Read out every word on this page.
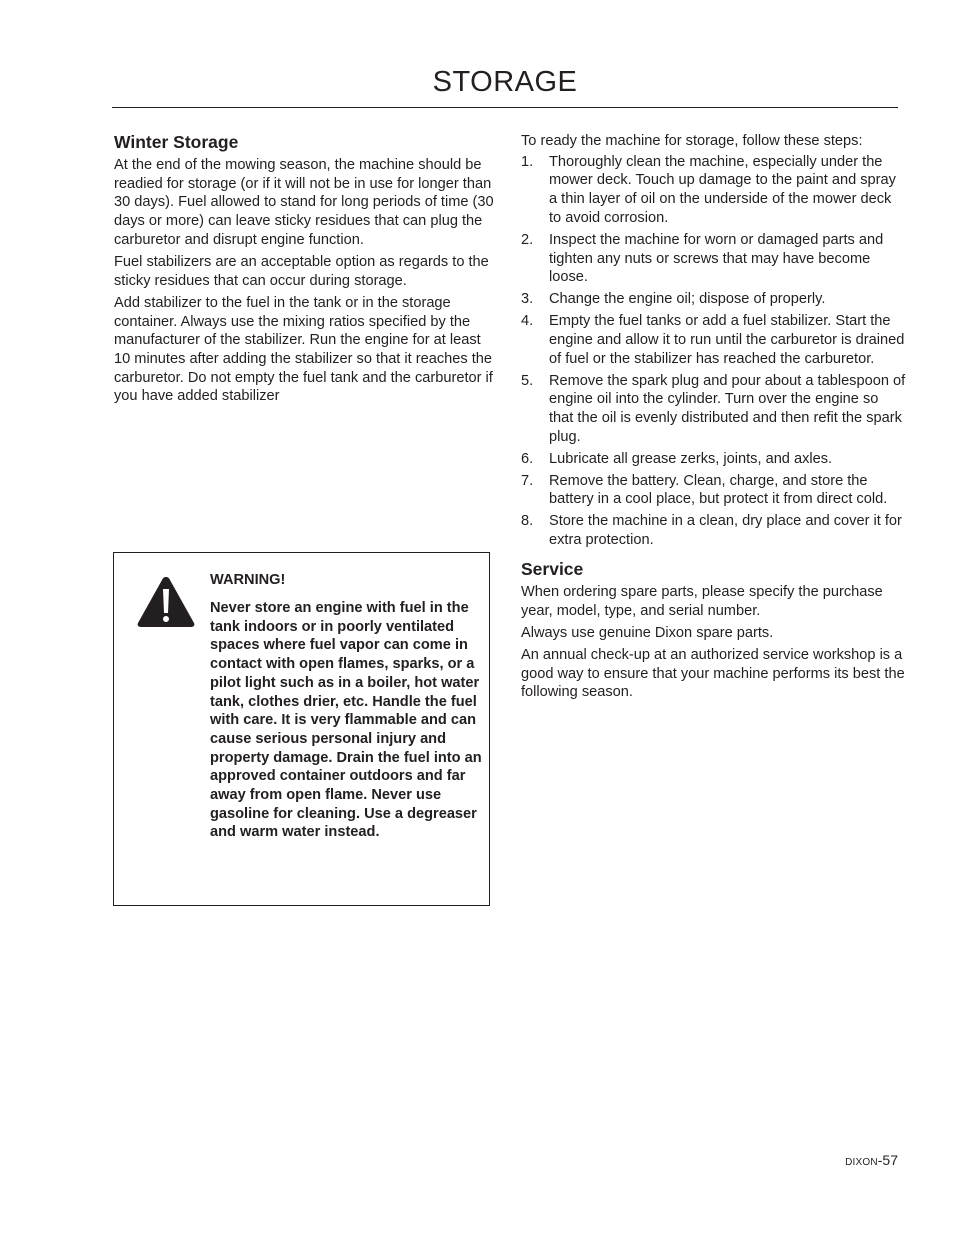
STORAGE
Winter Storage

At the end of the mowing season, the machine should be readied for storage (or if it will not be in use for longer than 30 days). Fuel allowed to stand for long periods of time (30 days or more) can leave sticky residues that can plug the carburetor and disrupt engine function.

Fuel stabilizers are an acceptable option as regards to the sticky residues that can occur during storage.

Add stabilizer to the fuel in the tank or in the storage container. Always use the mixing ratios specified by the manufacturer of the stabilizer. Run the engine for at least 10 minutes after adding the stabilizer so that it reaches the carburetor. Do not empty the fuel tank and the carburetor if you have added stabilizer

WARNING!
Never store an engine with fuel in the tank indoors or in poorly ventilated spaces where fuel vapor can come in contact with open flames, sparks, or a pilot light such as in a boiler, hot water tank, clothes drier, etc. Handle the fuel with care. It is very flammable and can cause serious personal injury and property damage. Drain the fuel into an approved container outdoors and far away from open flame. Never use gasoline for cleaning. Use a degreaser and warm water instead.

To ready the machine for storage, follow these steps:

1. Thoroughly clean the machine, especially under the mower deck. Touch up damage to the paint and spray a thin layer of oil on the underside of the mower deck to avoid corrosion.
2. Inspect the machine for worn or damaged parts and tighten any nuts or screws that may have become loose.
3. Change the engine oil; dispose of properly.
4. Empty the fuel tanks or add a fuel stabilizer. Start the engine and allow it to run until the carburetor is drained of fuel or the stabilizer has reached the carburetor.
5. Remove the spark plug and pour about a tablespoon of engine oil into the cylinder. Turn over the engine so that the oil is evenly distributed and then refit the spark plug.
6. Lubricate all grease zerks, joints, and axles.
7. Remove the battery. Clean, charge, and store the battery in a cool place, but protect it from direct cold.
8. Store the machine in a clean, dry place and cover it for extra protection.
Service

When ordering spare parts, please specify the purchase year, model, type, and serial number.

Always use genuine Dixon spare parts.

An annual check-up at an authorized service workshop is a good way to ensure that your machine performs its best the following season.

DIXON-57
